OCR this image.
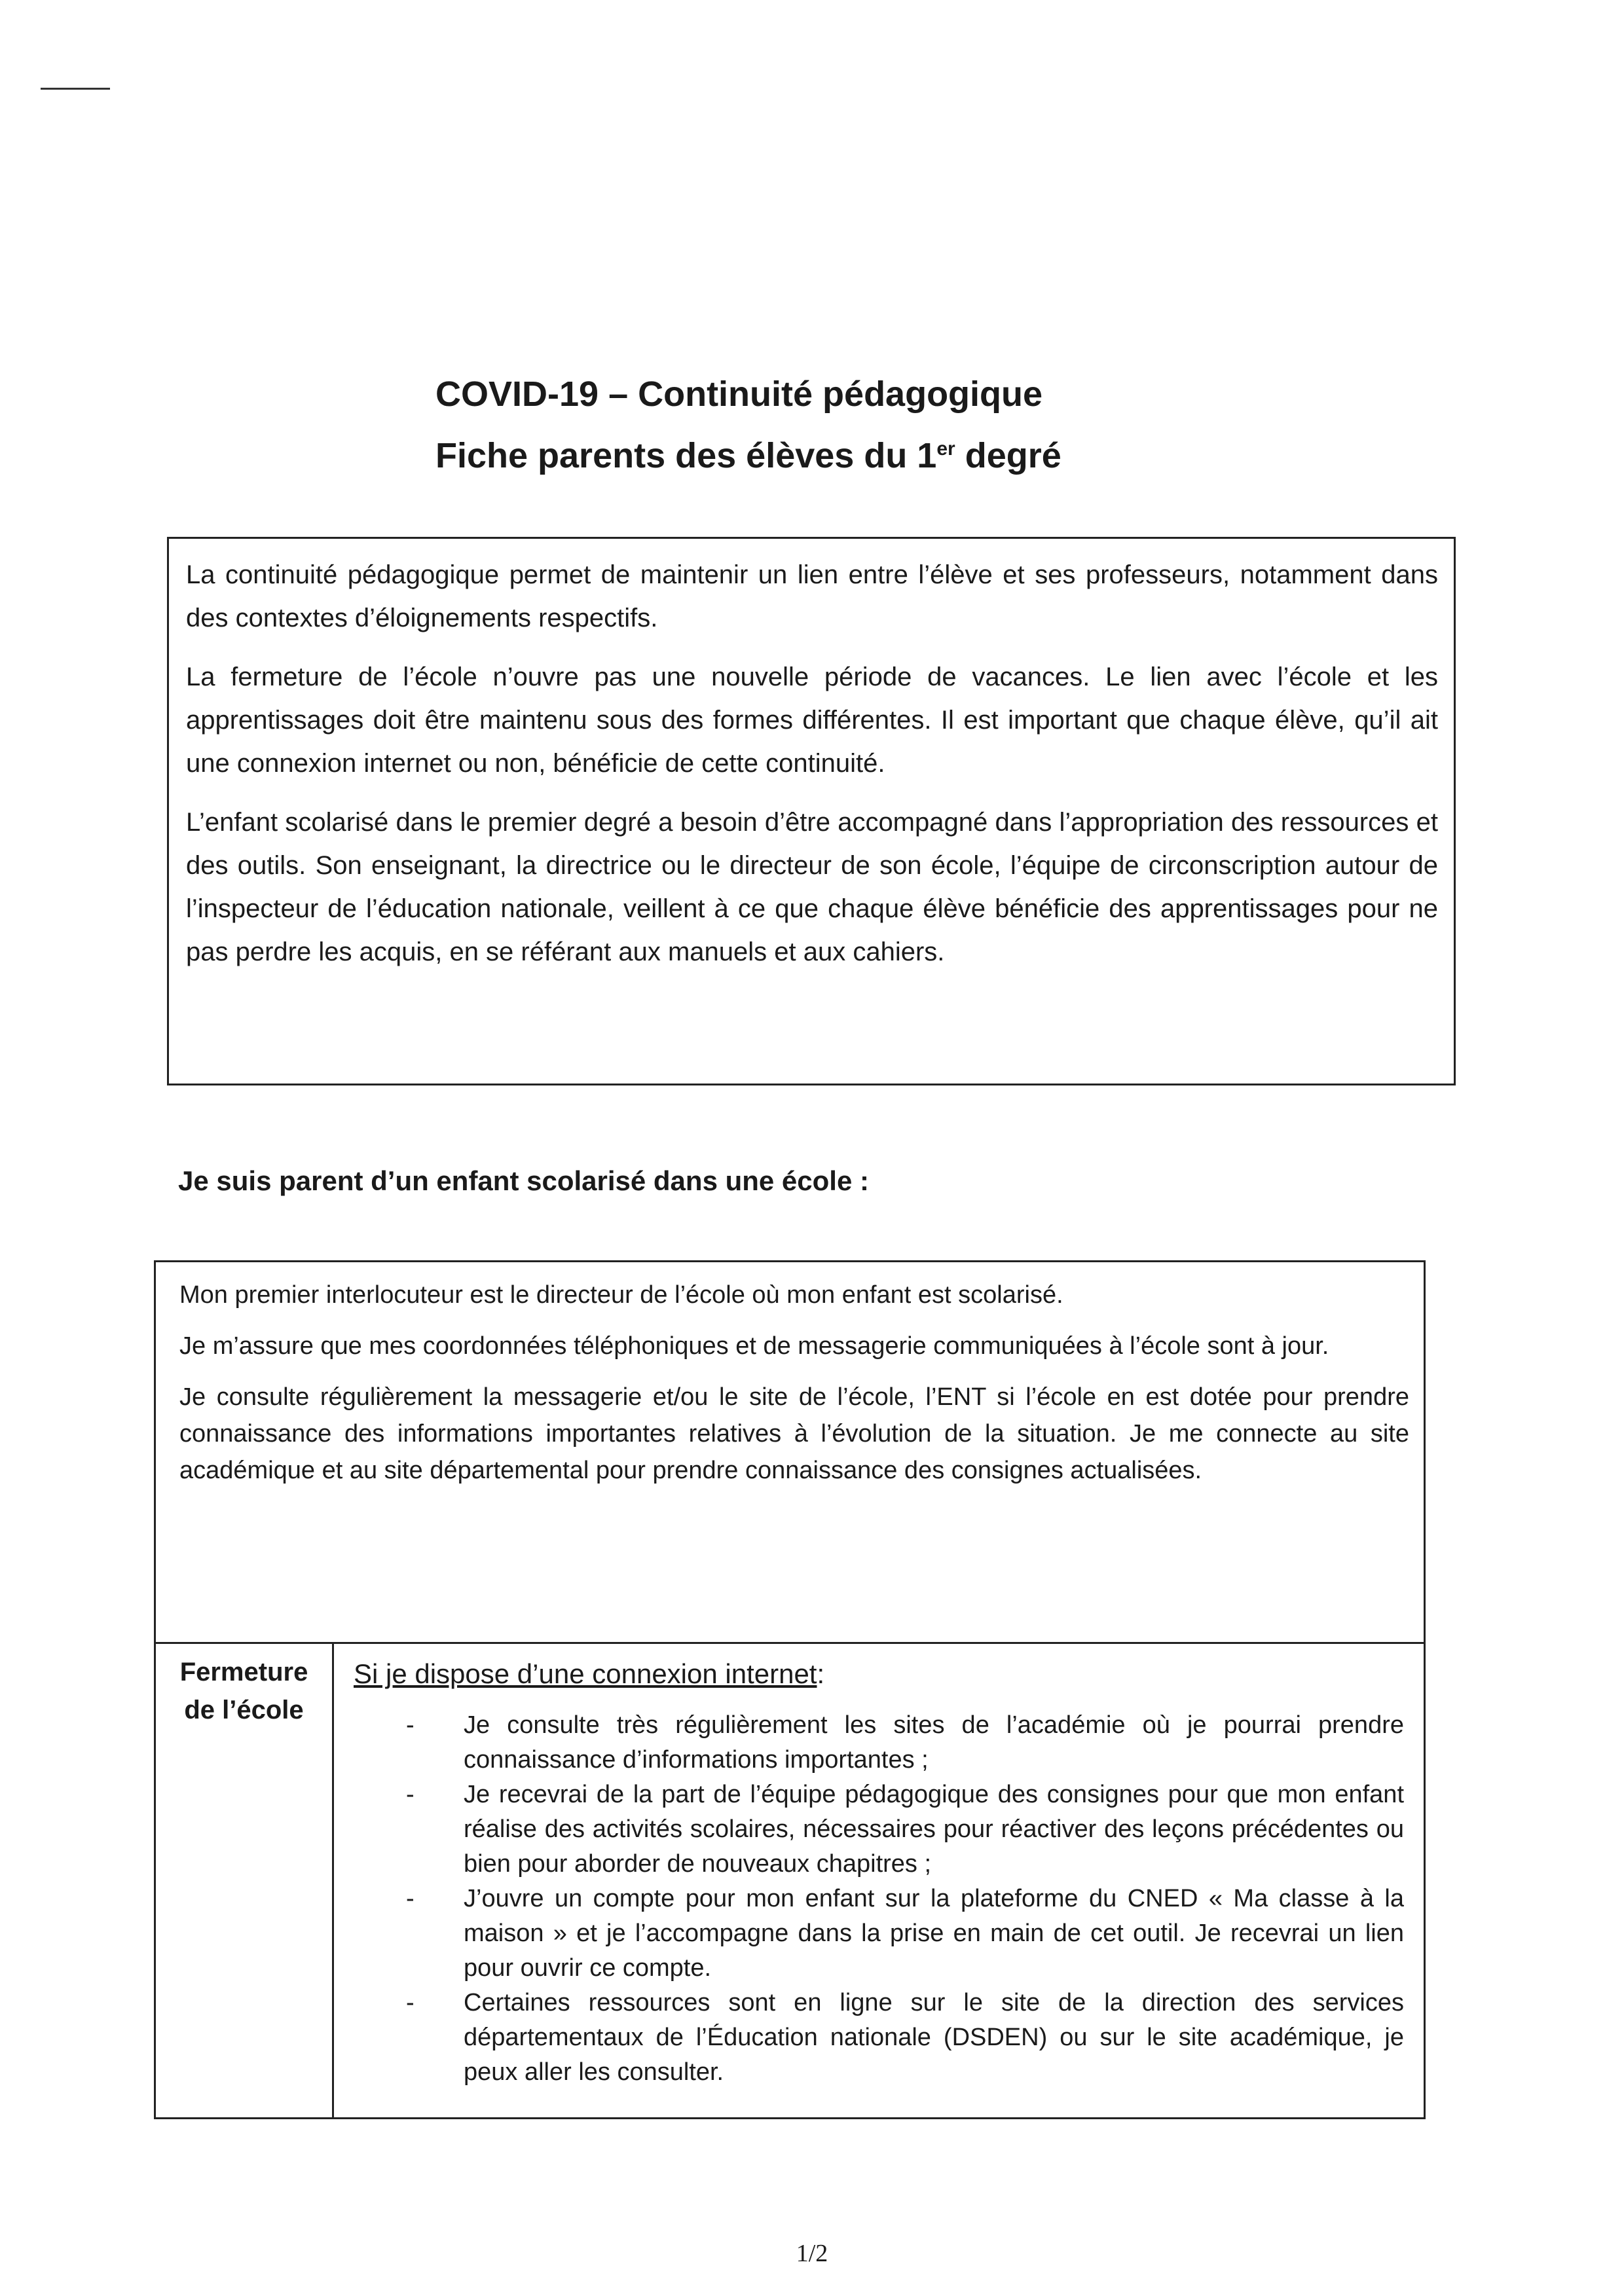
COVID-19 – Continuité pédagogique
Fiche parents des élèves du 1er degré

La continuité pédagogique permet de maintenir un lien entre l’élève et ses professeurs, notamment dans des contextes d’éloignements respectifs.

La fermeture de l’école n’ouvre pas une nouvelle période de vacances. Le lien avec l’école et les apprentissages doit être maintenu sous des formes différentes. Il est important que chaque élève, qu’il ait une connexion internet ou non, bénéficie de cette continuité.

L’enfant scolarisé dans le premier degré a besoin d’être accompagné dans l’appropriation des ressources et des outils. Son enseignant, la directrice ou le directeur de son école, l’équipe de circonscription autour de l’inspecteur de l’éducation nationale, veillent à ce que chaque élève bénéficie des apprentissages pour ne pas perdre les acquis, en se référant aux manuels et aux cahiers.

Je suis parent d’un enfant scolarisé dans une école :

Mon premier interlocuteur est le directeur de l’école où mon enfant est scolarisé.

Je m’assure que mes coordonnées téléphoniques et de messagerie communiquées à l’école sont à jour.

Je consulte régulièrement la messagerie et/ou le site de l’école, l’ENT si l’école en est dotée pour prendre connaissance des informations importantes relatives à l’évolution de la situation. Je me connecte au site académique et au site départemental pour prendre connaissance des consignes actualisées.

Fermeture
de l’école

Si je dispose d’une connexion internet:

- Je consulte très régulièrement les sites de l’académie où je pourrai prendre connaissance d’informations importantes ;
- Je recevrai de la part de l’équipe pédagogique des consignes pour que mon enfant réalise des activités scolaires, nécessaires pour réactiver des leçons précédentes ou bien pour aborder de nouveaux chapitres ;
- J’ouvre un compte pour mon enfant sur la plateforme du CNED « Ma classe à la maison » et je l’accompagne dans la prise en main de cet outil. Je recevrai un lien pour ouvrir ce compte.
- Certaines ressources sont en ligne sur le site de la direction des services départementaux de l’Éducation nationale (DSDEN) ou sur le site académique, je peux aller les consulter.
1/2
